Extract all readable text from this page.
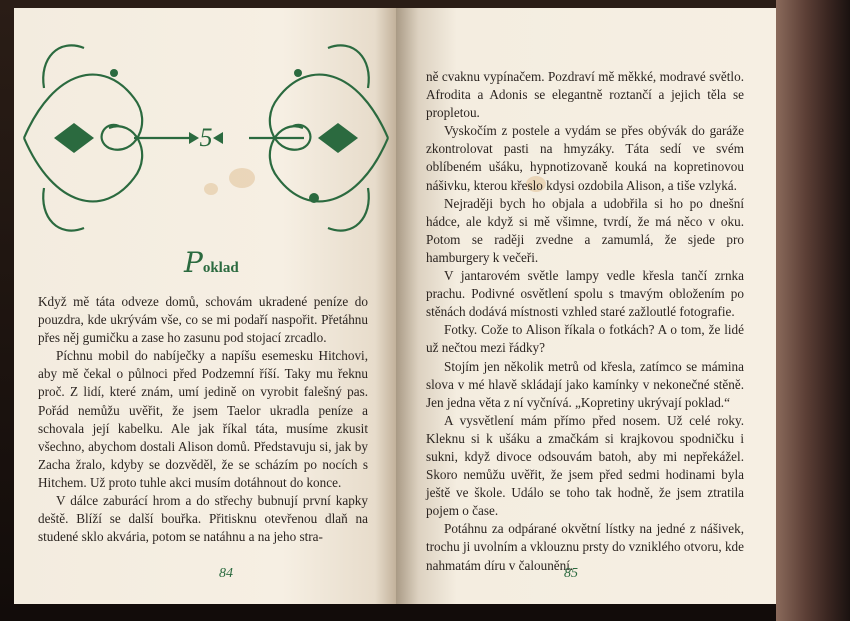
5
Poklad

Když mě táta odveze domů, schovám ukradené peníze do pouzdra, kde ukrývám vše, co se mi podaří naspořit. Přetáhnu přes něj gumičku a zase ho zasunu pod stojací zrcadlo.

Píchnu mobil do nabíječky a napíšu esemesku Hitchovi, aby mě čekal o půlnoci před Podzemní říší. Taky mu řeknu proč. Z lidí, které znám, umí jedině on vyrobit falešný pas. Pořád nemůžu uvěřit, že jsem Taelor ukradla peníze a schovala její kabelku. Ale jak říkal táta, musíme zkusit všechno, abychom dostali Alison domů. Představuju si, jak by Zacha žralo, kdyby se dozvěděl, že se scházím po nocích s Hitchem. Už proto tuhle akci musím dotáhnout do konce.

V dálce zaburácí hrom a do střechy bubnují první kapky deště. Blíží se další bouřka. Přitisknu otevřenou dlaň na studené sklo akvária, potom se natáhnu a na jeho stra-

84

ně cvaknu vypínačem. Pozdraví mě měkké, modravé světlo. Afrodita a Adonis se elegantně roztančí a jejich těla se propletou.

Vyskočím z postele a vydám se přes obývák do garáže zkontrolovat pasti na hmyzáky. Táta sedí ve svém oblíbeném ušáku, hypnotizovaně kouká na kopretinovou nášivku, kterou křeslo kdysi ozdobila Alison, a tiše vzlyká.

Nejraději bych ho objala a udobřila si ho po dnešní hádce, ale když si mě všimne, tvrdí, že má něco v oku. Potom se raději zvedne a zamumlá, že sjede pro hamburgery k večeři.

V jantarovém světle lampy vedle křesla tančí zrnka prachu. Podivné osvětlení spolu s tmavým obložením po stěnách dodává místnosti vzhled staré zažloutlé fotografie.

Fotky. Cože to Alison říkala o fotkách? A o tom, že lidé už nečtou mezi řádky?

Stojím jen několik metrů od křesla, zatímco se mámina slova v mé hlavě skládají jako kamínky v nekonečné stěně. Jen jedna věta z ní vyčnívá. „Kopretiny ukrývají poklad.“

A vysvětlení mám přímo před nosem. Už celé roky. Kleknu si k ušáku a zmačkám si krajkovou spodničku i sukni, když divoce odsouvám batoh, aby mi nepřekážel. Skoro nemůžu uvěřit, že jsem před sedmi hodinami byla ještě ve škole. Událo se toho tak hodně, že jsem ztratila pojem o čase.

Potáhnu za odpárané okvětní lístky na jedné z nášivek, trochu ji uvolním a vklouznu prsty do vzniklého otvoru, kde nahmatám díru v čalounění.

85
